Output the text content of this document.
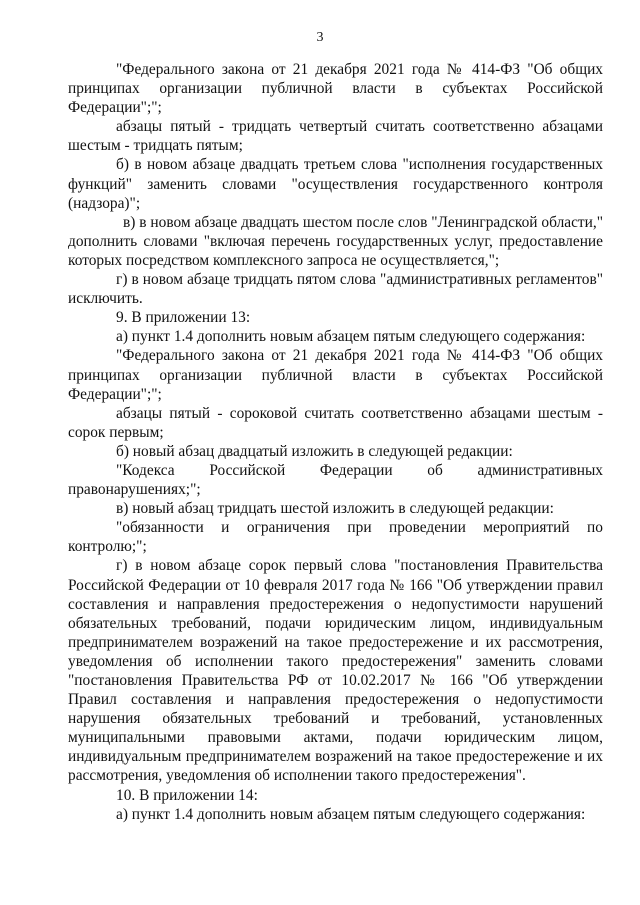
3

"Федерального закона от 21 декабря 2021 года № 414-ФЗ "Об общих принципах организации публичной власти в субъектах Российской Федерации";";

абзацы пятый - тридцать четвертый считать соответственно абзацами шестым - тридцать пятым;

б) в новом абзаце двадцать третьем слова "исполнения государственных функций" заменить словами "осуществления государственного контроля (надзора)";

в) в новом абзаце двадцать шестом после слов "Ленинградской области," дополнить словами "включая перечень государственных услуг, предоставление которых посредством комплексного запроса не осуществляется,";

г) в новом абзаце тридцать пятом слова "административных регламентов" исключить.

9. В приложении 13:

а) пункт 1.4 дополнить новым абзацем пятым следующего содержания:

"Федерального закона от 21 декабря 2021 года № 414-ФЗ "Об общих принципах организации публичной власти в субъектах Российской Федерации";";

абзацы пятый - сороковой считать соответственно абзацами шестым - сорок первым;

б) новый абзац двадцатый изложить в следующей редакции:

"Кодекса Российской Федерации об административных правонарушениях;";

в) новый абзац тридцать шестой изложить в следующей редакции:

"обязанности и ограничения при проведении мероприятий по контролю;";

г) в новом абзаце сорок первый слова "постановления Правительства Российской Федерации от 10 февраля 2017 года № 166 "Об утверждении правил составления и направления предостережения о недопустимости нарушений обязательных требований, подачи юридическим лицом, индивидуальным предпринимателем возражений на такое предостережение и их рассмотрения, уведомления об исполнении такого предостережения" заменить словами "постановления Правительства РФ от 10.02.2017 № 166 "Об утверждении Правил составления и направления предостережения о недопустимости нарушения обязательных требований и требований, установленных муниципальными правовыми актами, подачи юридическим лицом, индивидуальным предпринимателем возражений на такое предостережение и их рассмотрения, уведомления об исполнении такого предостережения".

10. В приложении 14:

а) пункт 1.4 дополнить новым абзацем пятым следующего содержания:
